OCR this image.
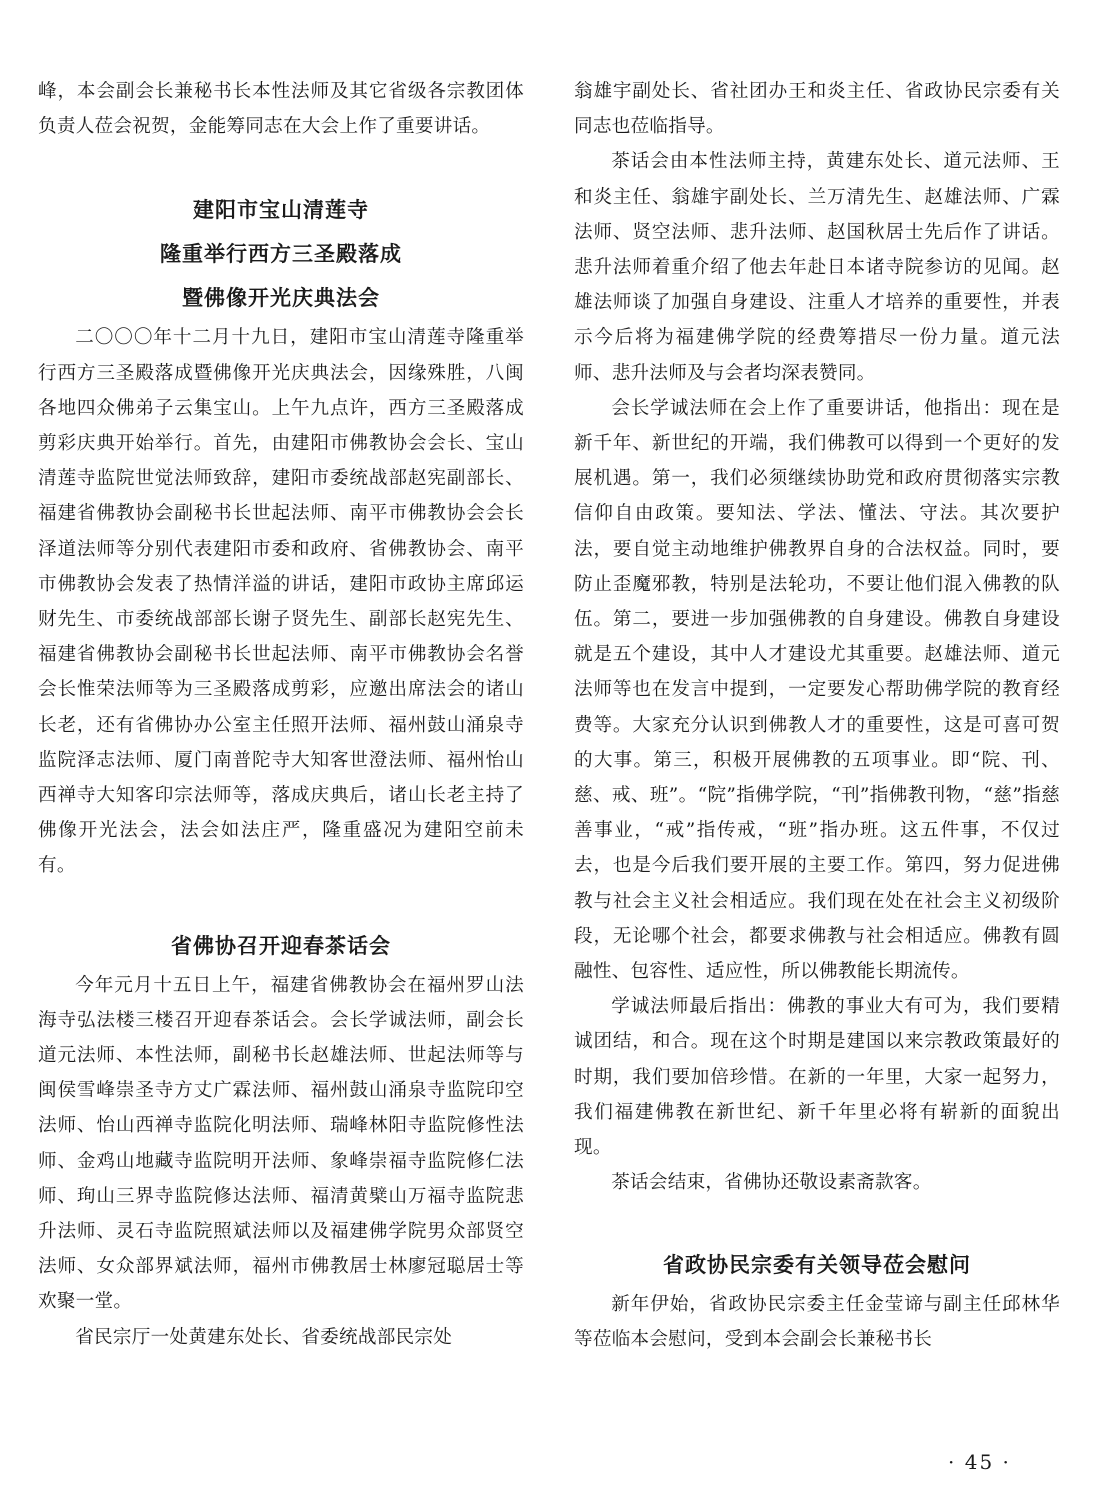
峰，本会副会长兼秘书长本性法师及其它省级各宗教团体负责人莅会祝贺，金能筹同志在大会上作了重要讲话。

建阳市宝山清莲寺
隆重举行西方三圣殿落成
暨佛像开光庆典法会

二〇〇〇年十二月十九日，建阳市宝山清莲寺隆重举行西方三圣殿落成暨佛像开光庆典法会，因缘殊胜，八闽各地四众佛弟子云集宝山。上午九点许，西方三圣殿落成剪彩庆典开始举行。首先，由建阳市佛教协会会长、宝山清莲寺监院世觉法师致辞，建阳市委统战部赵宪副部长、福建省佛教协会副秘书长世起法师、南平市佛教协会会长泽道法师等分别代表建阳市委和政府、省佛教协会、南平市佛教协会发表了热情洋溢的讲话，建阳市政协主席邱运财先生、市委统战部部长谢子贤先生、副部长赵宪先生、福建省佛教协会副秘书长世起法师、南平市佛教协会名誉会长惟荣法师等为三圣殿落成剪彩，应邀出席法会的诸山长老，还有省佛协办公室主任照开法师、福州鼓山涌泉寺监院泽志法师、厦门南普陀寺大知客世澄法师、福州怡山西禅寺大知客印宗法师等，落成庆典后，诸山长老主持了佛像开光法会，法会如法庄严，隆重盛况为建阳空前未有。

省佛协召开迎春茶话会

今年元月十五日上午，福建省佛教协会在福州罗山法海寺弘法楼三楼召开迎春茶话会。会长学诚法师，副会长道元法师、本性法师，副秘书长赵雄法师、世起法师等与闽侯雪峰崇圣寺方丈广霖法师、福州鼓山涌泉寺监院印空法师、怡山西禅寺监院化明法师、瑞峰林阳寺监院修性法师、金鸡山地藏寺监院明开法师、象峰崇福寺监院修仁法师、珣山三界寺监院修达法师、福清黄檗山万福寺监院悲升法师、灵石寺监院照斌法师以及福建佛学院男众部贤空法师、女众部界斌法师，福州市佛教居士林廖冠聪居士等欢聚一堂。

省民宗厅一处黄建东处长、省委统战部民宗处

翁雄宇副处长、省社团办王和炎主任、省政协民宗委有关同志也莅临指导。

茶话会由本性法师主持，黄建东处长、道元法师、王和炎主任、翁雄宇副处长、兰万清先生、赵雄法师、广霖法师、贤空法师、悲升法师、赵国秋居士先后作了讲话。悲升法师着重介绍了他去年赴日本诸寺院参访的见闻。赵雄法师谈了加强自身建设、注重人才培养的重要性，并表示今后将为福建佛学院的经费筹措尽一份力量。道元法师、悲升法师及与会者均深表赞同。

会长学诚法师在会上作了重要讲话，他指出：现在是新千年、新世纪的开端，我们佛教可以得到一个更好的发展机遇。第一，我们必须继续协助党和政府贯彻落实宗教信仰自由政策。要知法、学法、懂法、守法。其次要护法，要自觉主动地维护佛教界自身的合法权益。同时，要防止歪魔邪教，特别是法轮功，不要让他们混入佛教的队伍。第二，要进一步加强佛教的自身建设。佛教自身建设就是五个建设，其中人才建设尤其重要。赵雄法师、道元法师等也在发言中提到，一定要发心帮助佛学院的教育经费等。大家充分认识到佛教人才的重要性，这是可喜可贺的大事。第三，积极开展佛教的五项事业。即“院、刊、慈、戒、班”。“院”指佛学院，“刊”指佛教刊物，“慈”指慈善事业，“戒”指传戒，“班”指办班。这五件事，不仅过去，也是今后我们要开展的主要工作。第四，努力促进佛教与社会主义社会相适应。我们现在处在社会主义初级阶段，无论哪个社会，都要求佛教与社会相适应。佛教有圆融性、包容性、适应性，所以佛教能长期流传。

学诚法师最后指出：佛教的事业大有可为，我们要精诚团结，和合。现在这个时期是建国以来宗教政策最好的时期，我们要加倍珍惜。在新的一年里，大家一起努力，我们福建佛教在新世纪、新千年里必将有崭新的面貌出现。

茶话会结束，省佛协还敬设素斋款客。

省政协民宗委有关领导莅会慰问

新年伊始，省政协民宗委主任金莹谛与副主任邱林华等莅临本会慰问，受到本会副会长兼秘书长

· 45 ·
